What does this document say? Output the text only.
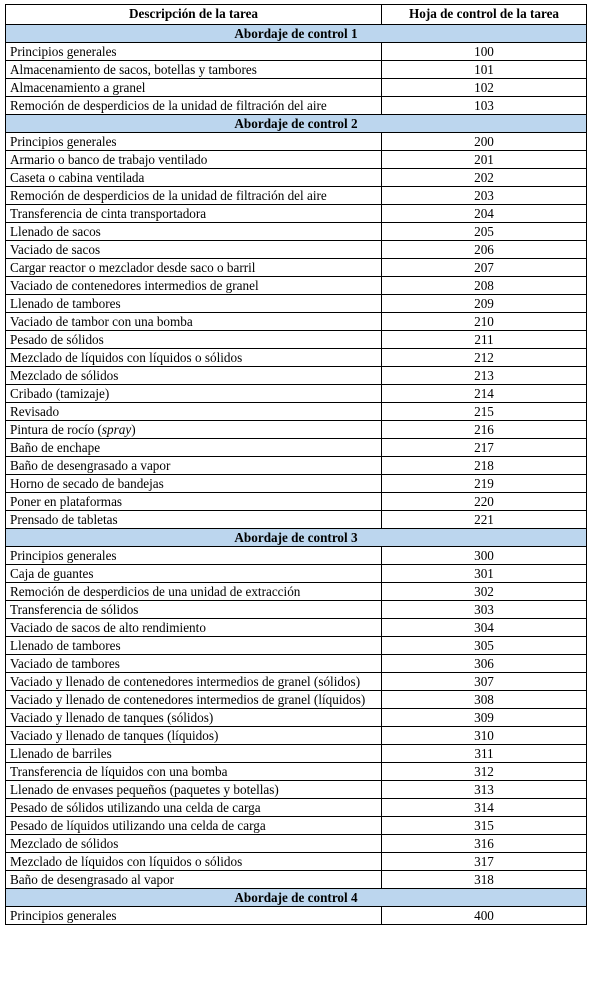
Descripción de la tarea	Hoja de control de la tarea
Abordaje de control 1	
Principios generales	100
Almacenamiento de sacos, botellas y tambores	101
Almacenamiento a granel	102
Remoción de desperdicios de la unidad de filtración del aire	103
Abordaje de control 2	
Principios generales	200
Armario o banco de trabajo ventilado	201
Caseta o cabina ventilada	202
Remoción de desperdicios de la unidad de filtración del aire	203
Transferencia de cinta transportadora	204
Llenado de sacos	205
Vaciado de sacos	206
Cargar reactor o mezclador desde saco o barril	207
Vaciado de contenedores intermedios de granel	208
Llenado de tambores	209
Vaciado de tambor con una bomba	210
Pesado de sólidos	211
Mezclado de líquidos con líquidos o sólidos	212
Mezclado de sólidos	213
Cribado (tamizaje)	214
Revisado	215
Pintura de rocío (spray)	216
Baño de enchape	217
Baño de desengrasado a vapor	218
Horno de secado de bandejas	219
Poner en plataformas	220
Prensado de tabletas	221
Abordaje de control 3	
Principios generales	300
Caja de guantes	301
Remoción de desperdicios de una unidad de extracción	302
Transferencia de sólidos	303
Vaciado de sacos de alto rendimiento	304
Llenado de tambores	305
Vaciado de tambores	306
Vaciado y llenado de contenedores intermedios de granel (sólidos)	307
Vaciado y llenado de contenedores intermedios de granel (líquidos)	308
Vaciado y llenado de tanques (sólidos)	309
Vaciado y llenado de tanques (líquidos)	310
Llenado de barriles	311
Transferencia de líquidos con una bomba	312
Llenado de envases pequeños (paquetes y botellas)	313
Pesado de sólidos utilizando una celda de carga	314
Pesado de líquidos utilizando una celda de carga	315
Mezclado de sólidos	316
Mezclado de líquidos con líquidos o sólidos	317
Baño de desengrasado al vapor	318
Abordaje de control 4	
Principios generales	400
